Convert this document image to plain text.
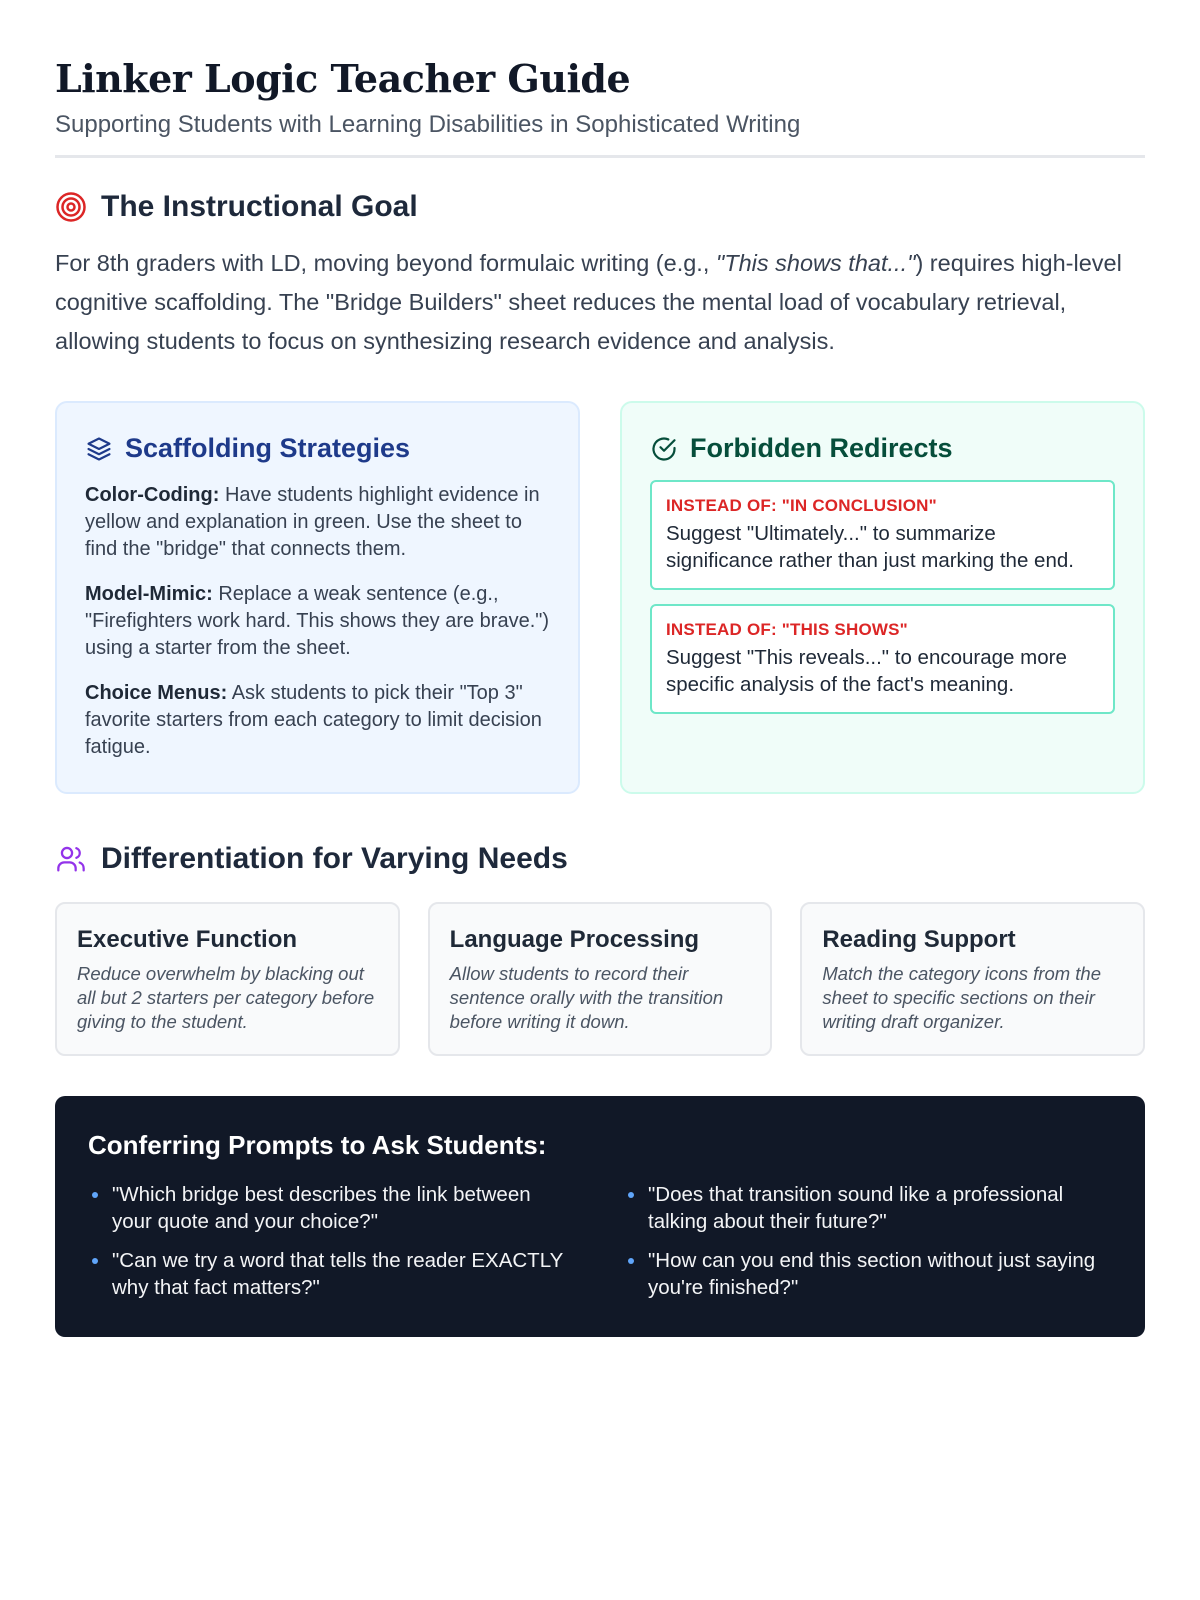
Linker Logic Teacher Guide
Supporting Students with Learning Disabilities in Sophisticated Writing
The Instructional Goal

For 8th graders with LD, moving beyond formulaic writing (e.g., "This shows that...") requires high-level cognitive scaffolding. The "Bridge Builders" sheet reduces the mental load of vocabulary retrieval, allowing students to focus on synthesizing research evidence and analysis.

Scaffolding Strategies
Color-Coding: Have students highlight evidence in yellow and explanation in green. Use the sheet to find the "bridge" that connects them.
Model-Mimic: Replace a weak sentence (e.g., "Firefighters work hard. This shows they are brave.") using a starter from the sheet.
Choice Menus: Ask students to pick their "Top 3" favorite starters from each category to limit decision fatigue.
Forbidden Redirects
INSTEAD OF: "IN CONCLUSION"
Suggest "Ultimately..." to summarize significance rather than just marking the end.
INSTEAD OF: "THIS SHOWS"
Suggest "This reveals..." to encourage more specific analysis of the fact's meaning.
Differentiation for Varying Needs
Executive Function

Reduce overwhelm by blacking out all but 2 starters per category before giving to the student.

Language Processing

Allow students to record their sentence orally with the transition before writing it down.

Reading Support

Match the category icons from the sheet to specific sections on their writing draft organizer.

Conferring Prompts to Ask Students:
"Which bridge best describes the link between your quote and your choice?"
"Does that transition sound like a professional talking about their future?"
"Can we try a word that tells the reader EXACTLY why that fact matters?"
"How can you end this section without just saying you're finished?"
